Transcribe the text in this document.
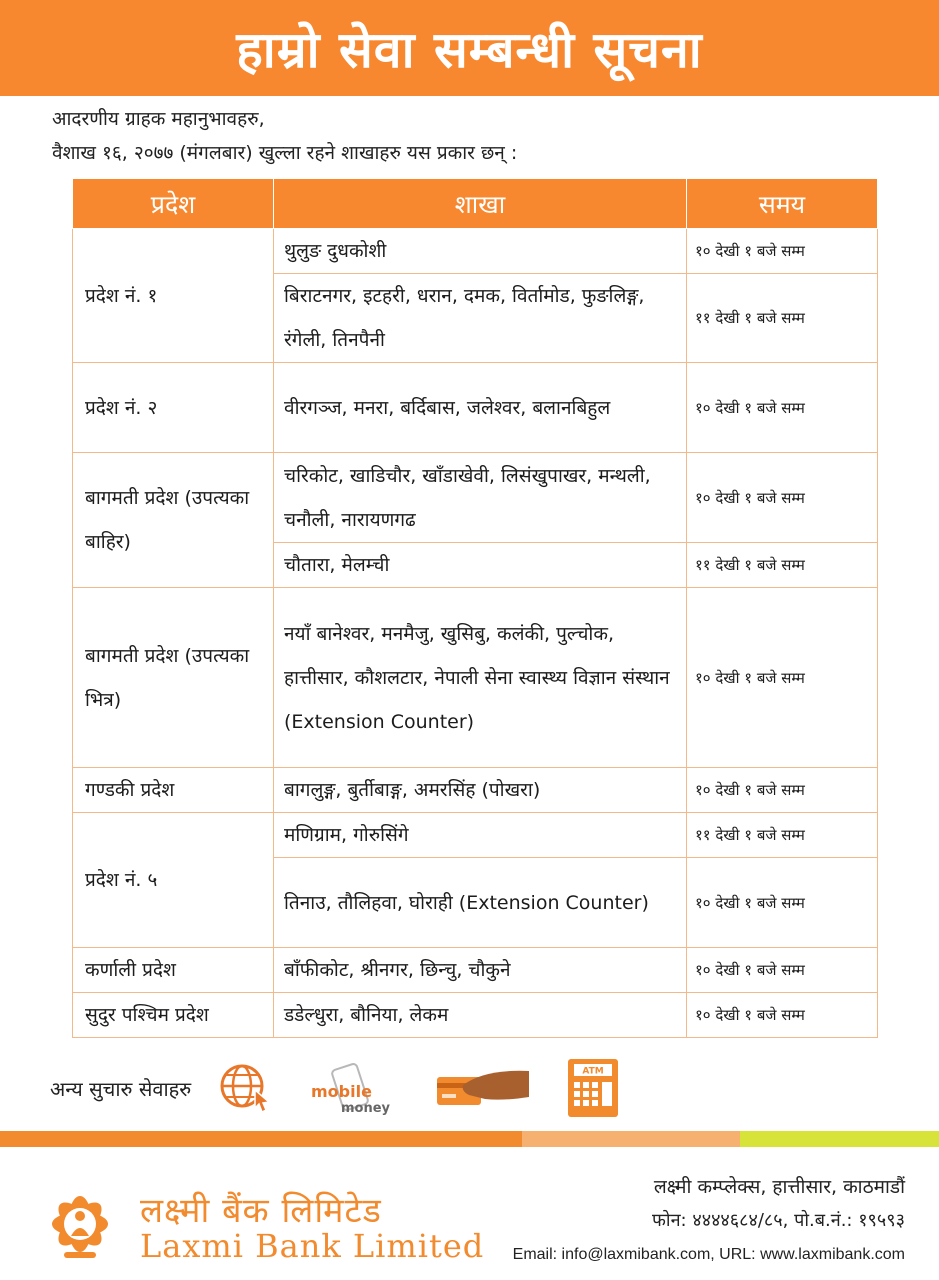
हाम्रो सेवा सम्बन्धी सूचना
आदरणीय ग्राहक महानुभावहरु,
वैशाख १६, २०७७ (मंगलबार) खुल्ला रहने शाखाहरु यस प्रकार छन् :
प्रदेश	शाखा	समय
प्रदेश नं. १	थुलुङ दुधकोशी	१० देखी १ बजे सम्म
	बिराटनगर, इटहरी, धरान, दमक, विर्तामोड, फुङलिङ्ग, रंगेली, तिनपैनी	११ देखी १ बजे सम्म
प्रदेश नं. २	वीरगञ्ज, मनरा, बर्दिबास, जलेश्वर, बलानबिहुल	१० देखी १ बजे सम्म
बागमती प्रदेश (उपत्यका बाहिर)	चरिकोट, खाडिचौर, खाँडाखेवी, लिसंखुपाखर, मन्थली, चनौली, नारायणगढ	१० देखी १ बजे सम्म
	चौतारा, मेलम्ची	११ देखी १ बजे सम्म
बागमती प्रदेश (उपत्यका भित्र)	नयाँ बानेश्वर, मनमैजु, खुसिबु, कलंकी, पुल्चोक, हात्तीसार, कौशलटार, नेपाली सेना स्वास्थ्य विज्ञान संस्थान (Extension Counter)	१० देखी १ बजे सम्म
गण्डकी प्रदेश	बागलुङ्ग, बुर्तीबाङ्ग, अमरसिंह (पोखरा)	१० देखी १ बजे सम्म
प्रदेश नं. ५	मणिग्राम, गोरुसिंगे	११ देखी १ बजे सम्म
	तिनाउ, तौलिहवा, घोराही (Extension Counter)	१० देखी १ बजे सम्म
कर्णाली प्रदेश	बाँफीकोट, श्रीनगर, छिन्चु, चौकुने	१० देखी १ बजे सम्म
सुदुर पश्चिम प्रदेश	डडेल्धुरा, बौनिया, लेकम	१० देखी १ बजे सम्म
अन्य सुचारु सेवाहरु	mobile
money
ATM
लक्ष्मी बैंक लिमिटेड
Laxmi Bank Limited
लक्ष्मी कम्प्लेक्स, हात्तीसार, काठमाडौं
फोन: ४४४४६८४/८५, पो.ब.नं.: १९५९३
Email: info@laxmibank.com, URL: www.laxmibank.com
